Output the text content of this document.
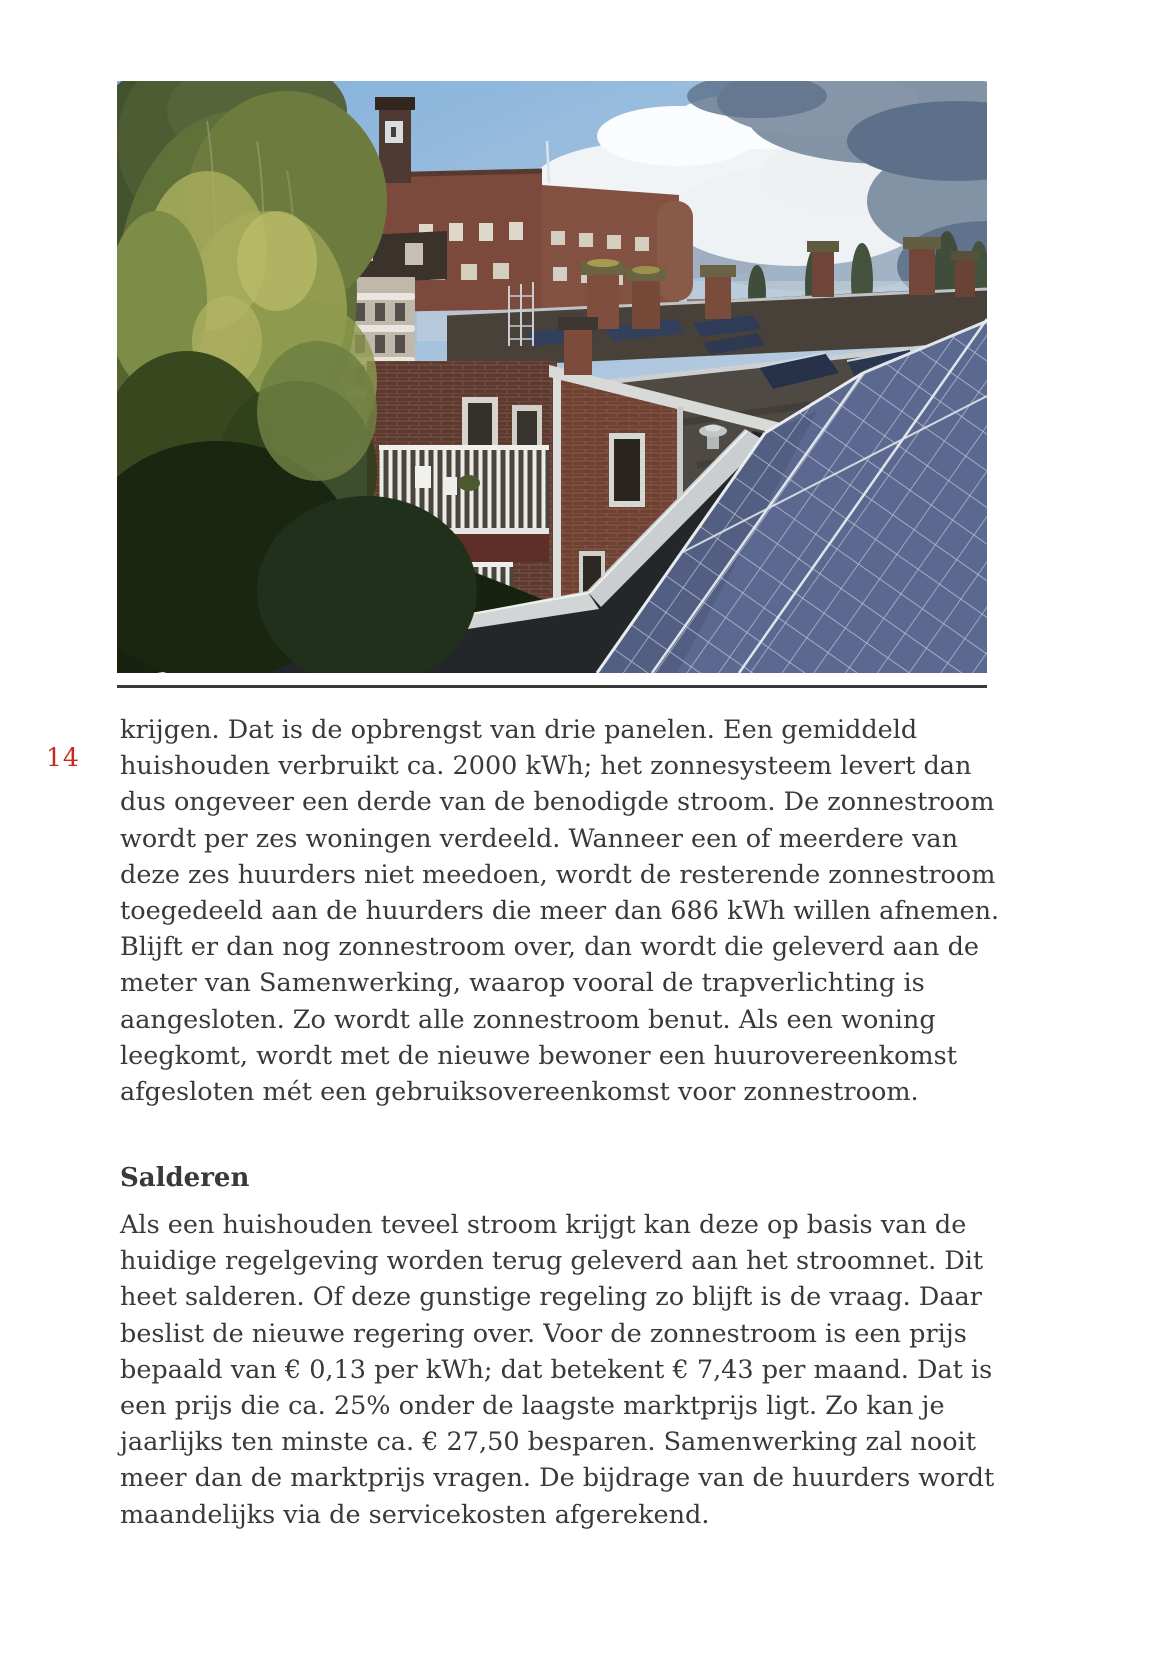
14
krijgen. Dat is de opbrengst van drie panelen. Een gemiddeld
huishouden verbruikt ca. 2000 kWh; het zonnesysteem levert dan
dus ongeveer een derde van de benodigde stroom. De zonnestroom
wordt per zes woningen verdeeld. Wanneer een of meerdere van
deze zes huurders niet meedoen, wordt de resterende zonnestroom
toegedeeld aan de huurders die meer dan 686 kWh willen afnemen.
Blijft er dan nog zonnestroom over, dan wordt die geleverd aan de
meter van Samenwerking, waarop vooral de trapverlichting is
aangesloten. Zo wordt alle zonnestroom benut. Als een woning
leegkomt, wordt met de nieuwe bewoner een huurovereenkomst
afgesloten mét een gebruiksovereenkomst voor zonnestroom.
Salderen
Als een huishouden teveel stroom krijgt kan deze op basis van de
huidige regelgeving worden terug geleverd aan het stroomnet. Dit
heet salderen. Of deze gunstige regeling zo blijft is de vraag. Daar
beslist de nieuwe regering over. Voor de zonnestroom is een prijs
bepaald van € 0,13 per kWh; dat betekent € 7,43 per maand. Dat is
een prijs die ca. 25% onder de laagste marktprijs ligt. Zo kan je
jaarlijks ten minste ca. € 27,50 besparen. Samenwerking zal nooit
meer dan de marktprijs vragen. De bijdrage van de huurders wordt
maandelijks via de servicekosten afgerekend.
